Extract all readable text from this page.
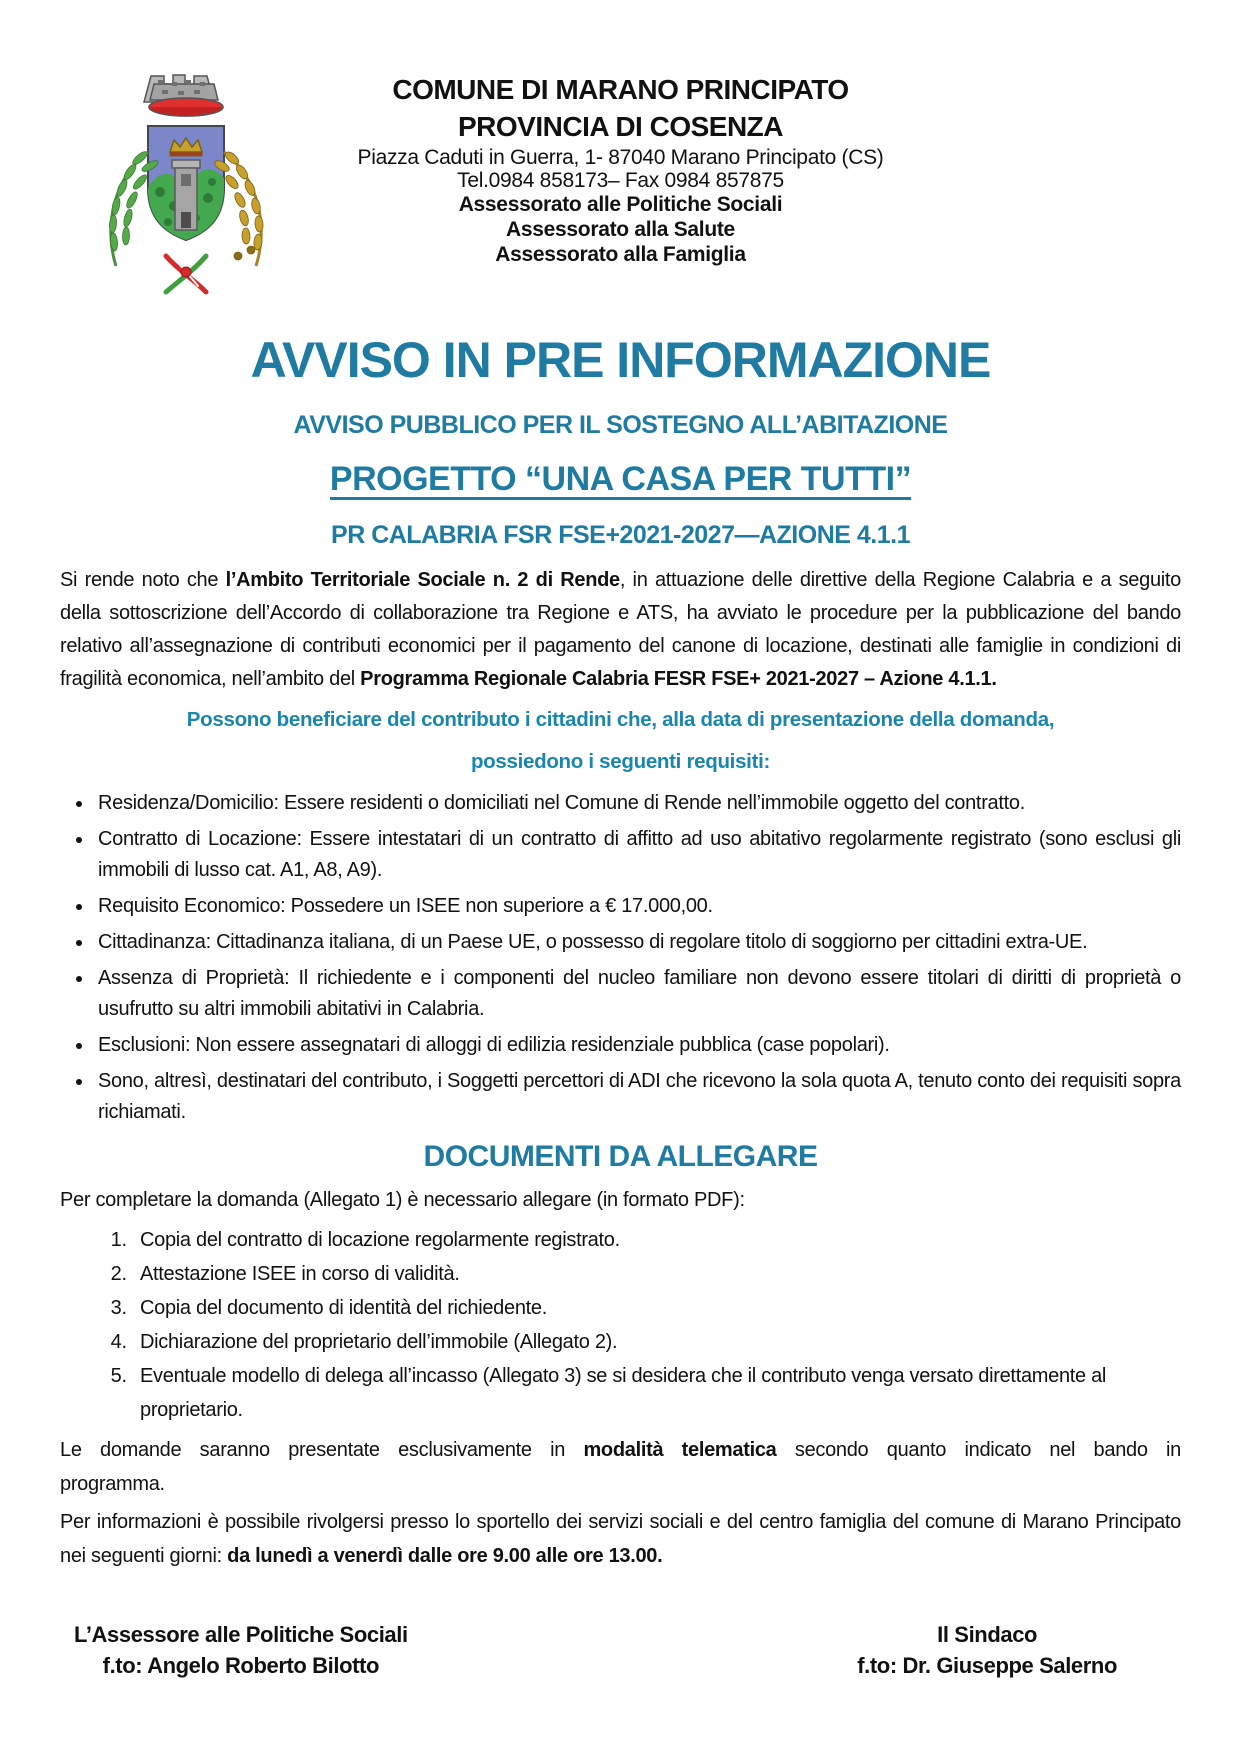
COMUNE DI MARANO PRINCIPATO
PROVINCIA DI COSENZA
Piazza Caduti in Guerra, 1- 87040 Marano Principato (CS)
Tel.0984 858173– Fax 0984 857875
Assessorato alle Politiche Sociali
Assessorato alla Salute
Assessorato alla Famiglia
AVVISO IN PRE INFORMAZIONE
AVVISO PUBBLICO PER IL SOSTEGNO ALL’ABITAZIONE
PROGETTO “UNA CASA PER TUTTI”
PR CALABRIA FSR FSE+2021-2027—AZIONE 4.1.1

Si rende noto che l’Ambito Territoriale Sociale n. 2 di Rende, in attuazione delle direttive della Regione Calabria e a seguito della sottoscrizione dell’Accordo di collaborazione tra Regione e ATS, ha avviato le procedure per la pubblicazione del bando relativo all’assegnazione di contributi economici per il pagamento del canone di locazione, destinati alle famiglie in condizioni di fragilità economica, nell’ambito del Programma Regionale Calabria FESR FSE+ 2021-2027 – Azione 4.1.1.

Possono beneficiare del contributo i cittadini che, alla data di presentazione della domanda,
possiedono i seguenti requisiti:
• Residenza/Domicilio: Essere residenti o domiciliati nel Comune di Rende nell’immobile oggetto del contratto.
• Contratto di Locazione: Essere intestatari di un contratto di affitto ad uso abitativo regolarmente registrato (sono esclusi gli immobili di lusso cat. A1, A8, A9).
• Requisito Economico: Possedere un ISEE non superiore a € 17.000,00.
• Cittadinanza: Cittadinanza italiana, di un Paese UE, o possesso di regolare titolo di soggiorno per cittadini extra-UE.
• Assenza di Proprietà: Il richiedente e i componenti del nucleo familiare non devono essere titolari di diritti di proprietà o usufrutto su altri immobili abitativi in Calabria.
• Esclusioni: Non essere assegnatari di alloggi di edilizia residenziale pubblica (case popolari).
• Sono, altresì, destinatari del contributo, i Soggetti percettori di ADI che ricevono la sola quota A, tenuto conto dei requisiti sopra richiamati.
DOCUMENTI DA ALLEGARE

Per completare la domanda (Allegato 1) è necessario allegare (in formato PDF):

1. Copia del contratto di locazione regolarmente registrato.
2. Attestazione ISEE in corso di validità.
3. Copia del documento di identità del richiedente.
4. Dichiarazione del proprietario dell’immobile (Allegato 2).
5. Eventuale modello di delega all’incasso (Allegato 3) se si desidera che il contributo venga versato direttamente al proprietario.
Le domande saranno presentate esclusivamente in modalità telematica secondo quanto indicato nel bando in
programma.

Per informazioni è possibile rivolgersi presso lo sportello dei servizi sociali e del centro famiglia del comune di Marano Principato nei seguenti giorni: da lunedì a venerdì dalle ore 9.00 alle ore 13.00.

L’Assessore alle Politiche Sociali
f.to: Angelo Roberto Bilotto
Il Sindaco
f.to: Dr. Giuseppe Salerno
